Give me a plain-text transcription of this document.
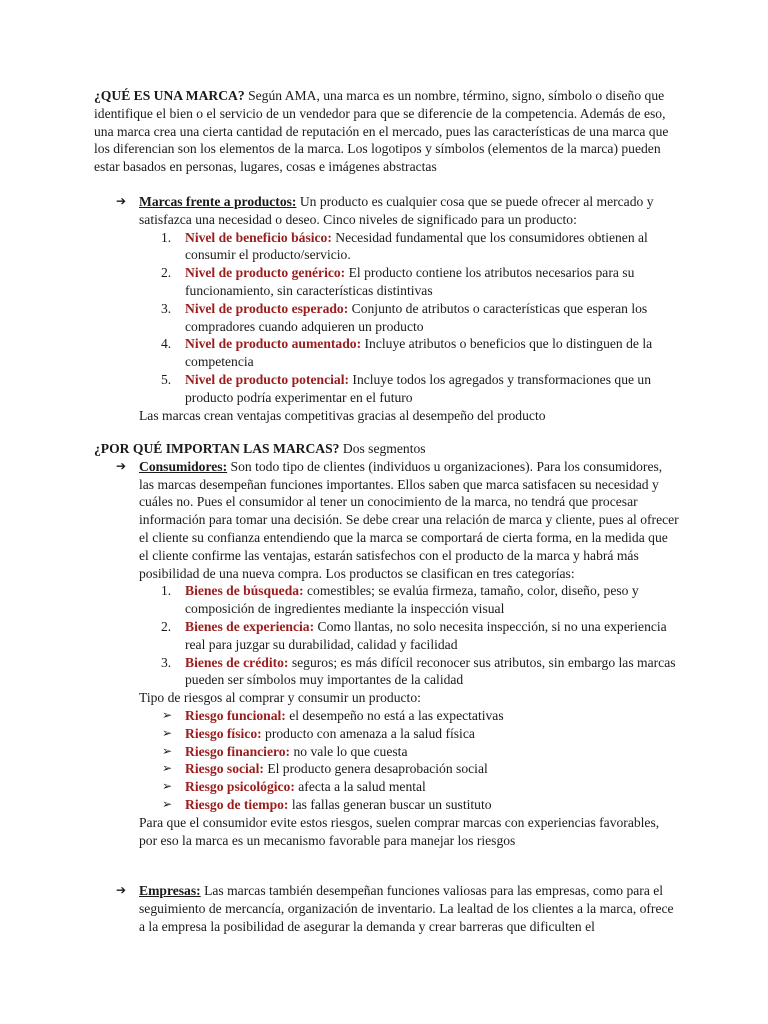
¿QUÉ ES UNA MARCA? Según AMA, una marca es un nombre, término, signo, símbolo o diseño que identifique el bien o el servicio de un vendedor para que se diferencie de la competencia. Además de eso, una marca crea una cierta cantidad de reputación en el mercado, pues las características de una marca que los diferencian son los elementos de la marca. Los logotipos y símbolos (elementos de la marca) pueden estar basados en personas, lugares, cosas e imágenes abstractas
➔ Marcas frente a productos: Un producto es cualquier cosa que se puede ofrecer al mercado y satisfazca una necesidad o deseo. Cinco niveles de significado para un producto:
1. Nivel de beneficio básico: Necesidad fundamental que los consumidores obtienen al consumir el producto/servicio.
2. Nivel de producto genérico: El producto contiene los atributos necesarios para su funcionamiento, sin características distintivas
3. Nivel de producto esperado: Conjunto de atributos o características que esperan los compradores cuando adquieren un producto
4. Nivel de producto aumentado: Incluye atributos o beneficios que lo distinguen de la competencia
5. Nivel de producto potencial: Incluye todos los agregados y transformaciones que un producto podría experimentar en el futuro
Las marcas crean ventajas competitivas gracias al desempeño del producto
¿POR QUÉ IMPORTAN LAS MARCAS? Dos segmentos
➔ Consumidores: Son todo tipo de clientes (individuos u organizaciones). Para los consumidores, las marcas desempeñan funciones importantes. Ellos saben que marca satisfacen su necesidad y cuáles no. Pues el consumidor al tener un conocimiento de la marca, no tendrá que procesar información para tomar una decisión. Se debe crear una relación de marca y cliente, pues al ofrecer el cliente su confianza entendiendo que la marca se comportará de cierta forma, en la medida que el cliente confirme las ventajas, estarán satisfechos con el producto de la marca y habrá más posibilidad de una nueva compra. Los productos se clasifican en tres categorías:
1. Bienes de búsqueda: comestibles; se evalúa firmeza, tamaño, color, diseño, peso y composición de ingredientes mediante la inspección visual
2. Bienes de experiencia: Como llantas, no solo necesita inspección, si no una experiencia real para juzgar su durabilidad, calidad y facilidad
3. Bienes de crédito: seguros; es más difícil reconocer sus atributos, sin embargo las marcas pueden ser símbolos muy importantes de la calidad
Tipo de riesgos al comprar y consumir un producto:
➢ Riesgo funcional: el desempeño no está a las expectativas
➢ Riesgo físico: producto con amenaza a la salud física
➢ Riesgo financiero: no vale lo que cuesta
➢ Riesgo social: El producto genera desaprobación social
➢ Riesgo psicológico: afecta a la salud mental
➢ Riesgo de tiempo: las fallas generan buscar un sustituto
Para que el consumidor evite estos riesgos, suelen comprar marcas con experiencias favorables, por eso la marca es un mecanismo favorable para manejar los riesgos
➔ Empresas: Las marcas también desempeñan funciones valiosas para las empresas, como para el seguimiento de mercancía, organización de inventario. La lealtad de los clientes a la marca, ofrece a la empresa la posibilidad de asegurar la demanda y crear barreras que dificulten el
